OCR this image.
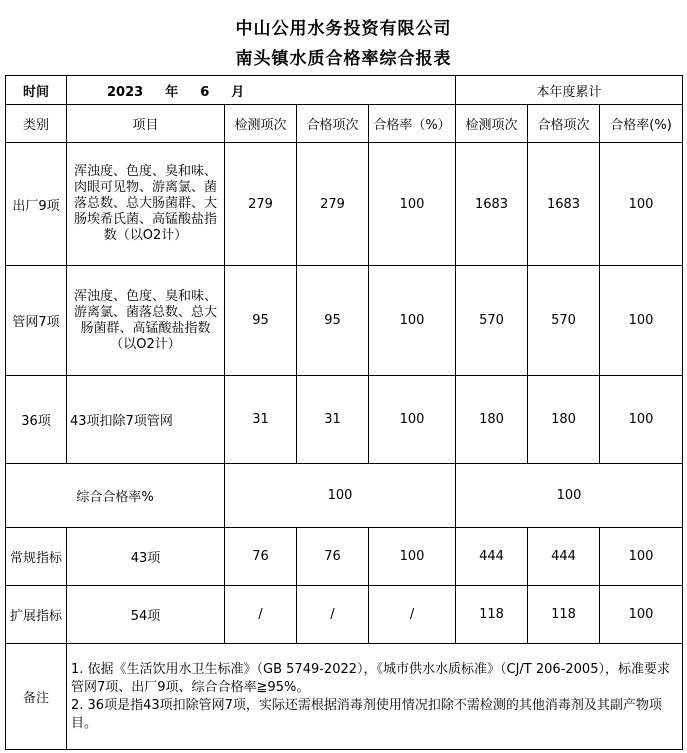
中山公用水务投资有限公司
南头镇水质合格率综合报表
时间	2023 年 6 月				本年度累计		
类别	项目	检测项次	合格项次	合格率（%）	检测项次	合格项次	合格率(%)
出厂9项	浑浊度、色度、臭和味、肉眼可见物、游离氯、菌落总数、总大肠菌群、大肠埃希氏菌、高锰酸盐指数（以O2计）	279	279	100	1683	1683	100
管网7项	浑浊度、色度、臭和味、游离氯、菌落总数、总大肠菌群、高锰酸盐指数（以O2计）	95	95	100	570	570	100
36项	43项扣除7项管网	31	31	100	180	180	100
综合合格率%		100			100		
常规指标	43项	76	76	100	444	444	100
扩展指标	54项	/	/	/	118	118	100
备注	1. 依据《生活饮用水卫生标准》（GB 5749-2022），《城市供水水质标准》（CJ/T 206-2005），标准要求管网7项、出厂9项、综合合格率≧95%。
2. 36项是指43项扣除管网7项，实际还需根据消毒剂使用情况扣除不需检测的其他消毒剂及其副产物项目。						
